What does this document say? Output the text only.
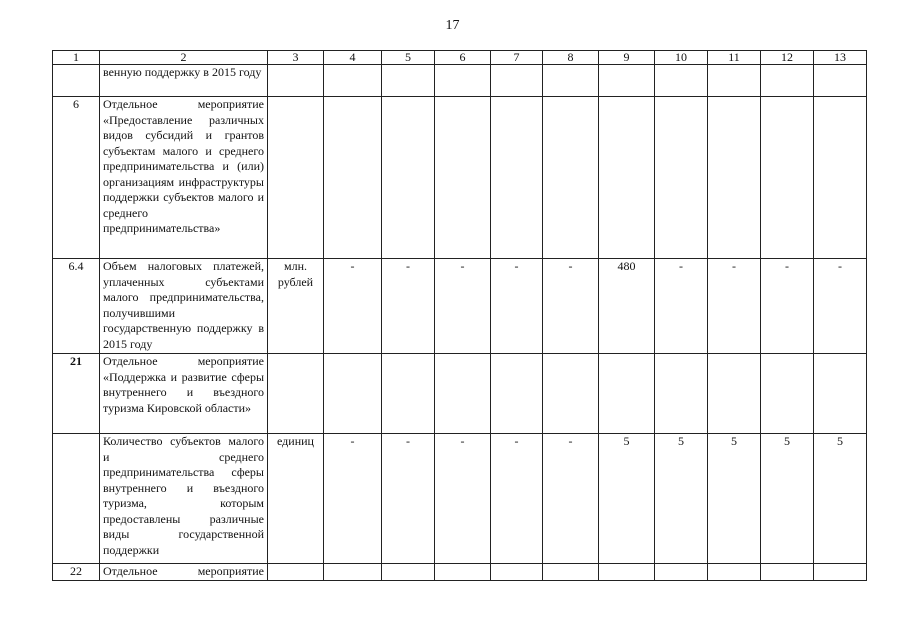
17
1	2	3	4	5	6	7	8	9	10	11	12	13
	венную поддержку в 2015 году											
6	Отдельное мероприятие «Предоставление различных видов субсидий и грантов субъектам малого и среднего предпринимательства и (или) организациям инфраструктуры поддержки субъектов малого и среднего предпринимательства»											
6.4	Объем налоговых платежей, уплаченных субъектами малого предпринимательства, получившими государственную поддержку в 2015 году	млн. рублей	-	-	-	-	-	480	-	-	-	-
21	Отдельное мероприятие «Поддержка и развитие сферы внутреннего и въездного туризма Кировской области»											
	Количество субъектов малого и среднего предпринимательства сферы внутреннего и въездного туризма, которым предоставлены различные виды государственной поддержки	единиц	-	-	-	-	-	5	5	5	5	5
22	Отдельное мероприятие											
